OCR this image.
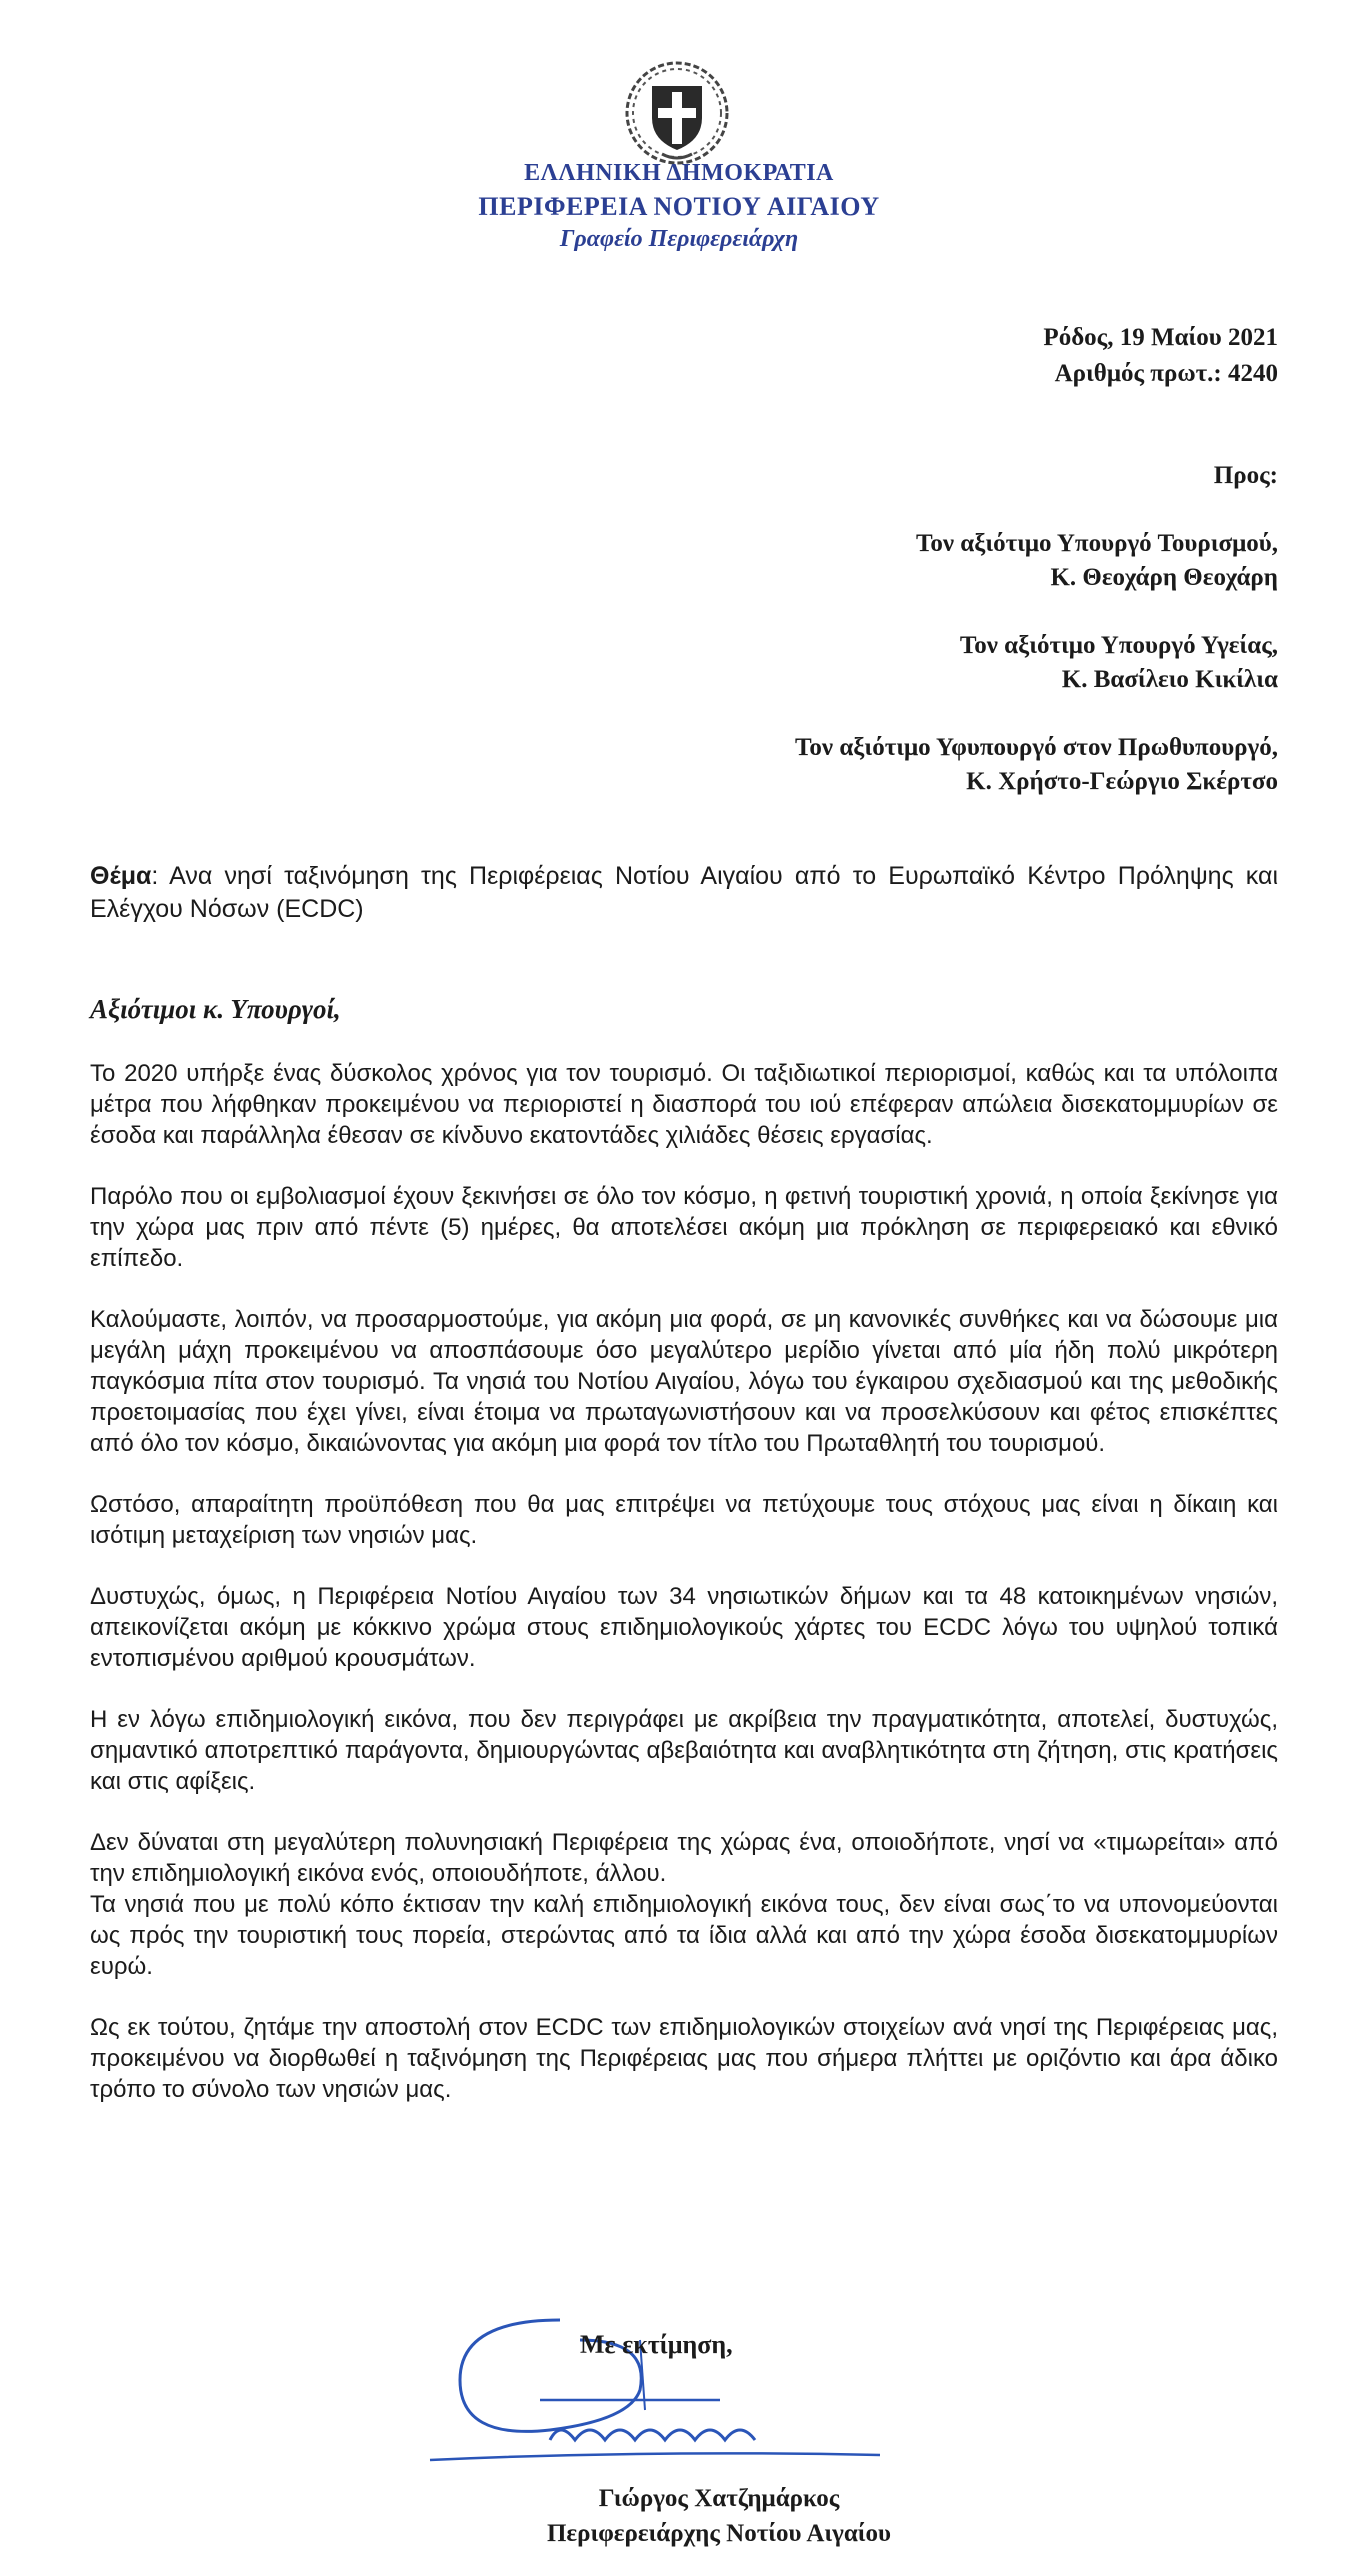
ΕΛΛΗΝΙΚΗ ΔΗΜΟΚΡΑΤΙΑ
ΠΕΡΙΦΕΡΕΙΑ ΝΟΤΙΟΥ ΑΙΓΑΙΟΥ
Γραφείο Περιφερειάρχη
Ρόδος, 19 Μαίου 2021
Αριθμός πρωτ.: 4240
Προς:
Τον αξιότιμο Υπουργό Τουρισμού,
Κ. Θεοχάρη Θεοχάρη
Τον αξιότιμο Υπουργό Υγείας,
Κ. Βασίλειο Κικίλια
Τον αξιότιμο Υφυπουργό στον Πρωθυπουργό,
Κ. Χρήστο-Γεώργιο Σκέρτσο
Θέμα: Ανα νησί ταξινόμηση της Περιφέρειας Νοτίου Αιγαίου από το Ευρωπαϊκό Κέντρο Πρόληψης και Ελέγχου Νόσων (ECDC)
Αξιότιμοι κ. Υπουργοί,

Το 2020 υπήρξε ένας δύσκολος χρόνος για τον τουρισμό. Οι ταξιδιωτικοί περιορισμοί, καθώς και τα υπόλοιπα μέτρα που λήφθηκαν προκειμένου να περιοριστεί η διασπορά του ιού επέφεραν απώλεια δισεκατομμυρίων σε έσοδα και παράλληλα έθεσαν σε κίνδυνο εκατοντάδες χιλιάδες θέσεις εργασίας.

Παρόλο που οι εμβολιασμοί έχουν ξεκινήσει σε όλο τον κόσμο, η φετινή τουριστική χρονιά, η οποία ξεκίνησε για την χώρα μας πριν από πέντε (5) ημέρες, θα αποτελέσει ακόμη μια πρόκληση σε περιφερειακό και εθνικό επίπεδο.

Καλούμαστε, λοιπόν, να προσαρμοστούμε, για ακόμη μια φορά, σε μη κανονικές συνθήκες και να δώσουμε μια μεγάλη μάχη προκειμένου να αποσπάσουμε όσο μεγαλύτερο μερίδιο γίνεται από μία ήδη πολύ μικρότερη παγκόσμια πίτα στον τουρισμό. Τα νησιά του Νοτίου Αιγαίου, λόγω του έγκαιρου σχεδιασμού και της μεθοδικής προετοιμασίας που έχει γίνει, είναι έτοιμα να πρωταγωνιστήσουν και να προσελκύσουν και φέτος επισκέπτες από όλο τον κόσμο, δικαιώνοντας για ακόμη μια φορά τον τίτλο του Πρωταθλητή του τουρισμού.

Ωστόσο, απαραίτητη προϋπόθεση που θα μας επιτρέψει να πετύχουμε τους στόχους μας είναι η δίκαιη και ισότιμη μεταχείριση των νησιών μας.

Δυστυχώς, όμως, η Περιφέρεια Νοτίου Αιγαίου των 34 νησιωτικών δήμων και τα 48 κατοικημένων νησιών, απεικονίζεται ακόμη με κόκκινο χρώμα στους επιδημιολογικούς χάρτες του ECDC λόγω του υψηλού τοπικά εντοπισμένου αριθμού κρουσμάτων.

Η εν λόγω επιδημιολογική εικόνα, που δεν περιγράφει με ακρίβεια την πραγματικότητα, αποτελεί, δυστυχώς, σημαντικό αποτρεπτικό παράγοντα, δημιουργώντας αβεβαιότητα και αναβλητικότητα στη ζήτηση, στις κρατήσεις και στις αφίξεις.

Δεν δύναται στη μεγαλύτερη πολυνησιακή Περιφέρεια της χώρας ένα, οποιοδήποτε, νησί να «τιμωρείται» από την επιδημιολογική εικόνα ενός, οποιουδήποτε, άλλου.

Τα νησιά που με πολύ κόπο έκτισαν την καλή επιδημιολογική εικόνα τους, δεν είναι σως΄το να υπονομεύονται ως πρός την τουριστική τους πορεία, στερώντας από τα ίδια αλλά και από την χώρα έσοδα δισεκατομμυρίων ευρώ.

Ως εκ τούτου, ζητάμε την αποστολή στον ECDC των επιδημιολογικών στοιχείων ανά νησί της Περιφέρειας μας, προκειμένου να διορθωθεί η ταξινόμηση της Περιφέρειας μας που σήμερα πλήττει με οριζόντιο και άρα άδικο τρόπο το σύνολο των νησιών μας.

Με εκτίμηση,
Γιώργος Χατζημάρκος
Περιφερειάρχης Νοτίου Αιγαίου
